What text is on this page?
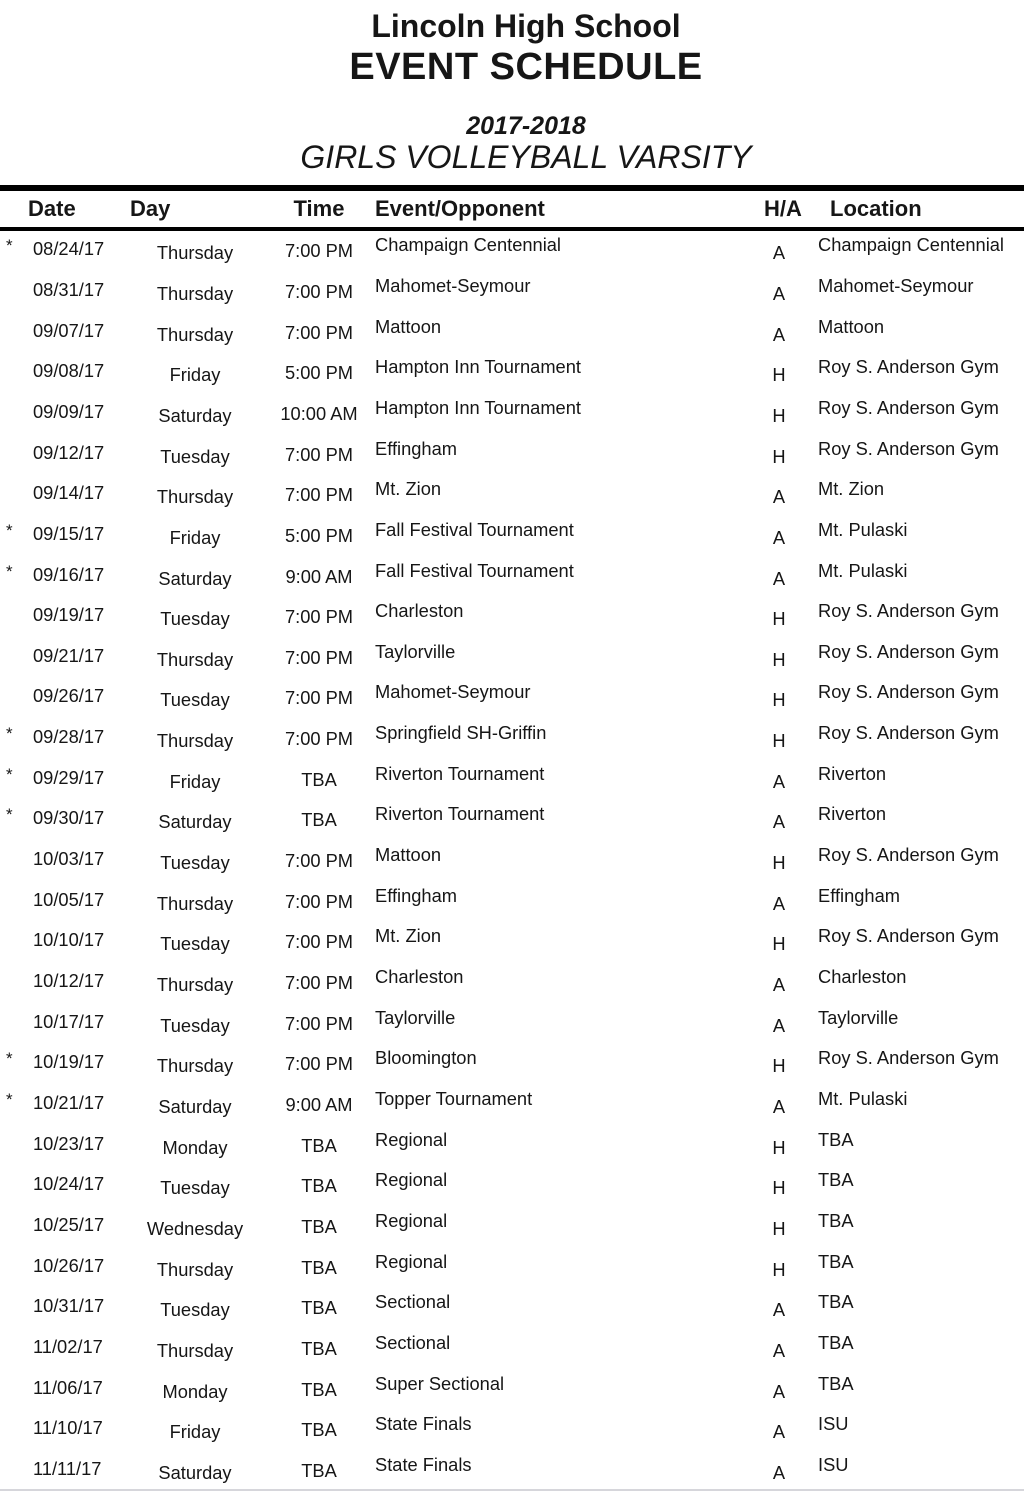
Lincoln High School
EVENT SCHEDULE
2017-2018
GIRLS VOLLEYBALL VARSITY
Date Day	Time	Event/Opponent	H/A	Location
*	08/24/17	Thursday	7:00 PM	Champaign Centennial	A	Champaign Centennial
08/31/17	Thursday	7:00 PM	Mahomet-Seymour	A	Mahomet-Seymour
09/07/17	Thursday	7:00 PM	Mattoon	A	Mattoon
09/08/17	Friday	5:00 PM	Hampton Inn Tournament	H	Roy S. Anderson Gym
09/09/17	Saturday	10:00 AM Hampton Inn Tournament	H	Roy S. Anderson Gym
09/12/17	Tuesday	7:00 PM	Effingham	H	Roy S. Anderson Gym
09/14/17	Thursday	7:00 PM	Mt. Zion	A	Mt. Zion
*	09/15/17	Friday	5:00 PM	Fall Festival Tournament	A	Mt. Pulaski
*	09/16/17	Saturday	9:00 AM	Fall Festival Tournament	A	Mt. Pulaski
09/19/17	Tuesday	7:00 PM	Charleston	H	Roy S. Anderson Gym
09/21/17	Thursday	7:00 PM	Taylorville	H	Roy S. Anderson Gym
09/26/17	Tuesday	7:00 PM	Mahomet-Seymour	H	Roy S. Anderson Gym
*	09/28/17	Thursday	7:00 PM	Springfield SH-Griffin	H	Roy S. Anderson Gym
*	09/29/17	Friday	TBA	Riverton Tournament	A	Riverton
*	09/30/17	Saturday	TBA	Riverton Tournament	A	Riverton
10/03/17	Tuesday	7:00 PM	Mattoon	H	Roy S. Anderson Gym
10/05/17	Thursday	7:00 PM	Effingham	A	Effingham
10/10/17	Tuesday	7:00 PM	Mt. Zion	H	Roy S. Anderson Gym
10/12/17	Thursday	7:00 PM	Charleston	A	Charleston
10/17/17	Tuesday	7:00 PM	Taylorville	A	Taylorville
*	10/19/17	Thursday	7:00 PM	Bloomington	H	Roy S. Anderson Gym
*	10/21/17	Saturday	9:00 AM	Topper Tournament	A	Mt. Pulaski
10/23/17	Monday	TBA	Regional	H	TBA
10/24/17	Tuesday	TBA	Regional	H	TBA
10/25/17	Wednesday	TBA	Regional	H	TBA
10/26/17	Thursday	TBA	Regional	H	TBA
10/31/17	Tuesday	TBA	Sectional	A	TBA
11/02/17	Thursday	TBA	Sectional	A	TBA
11/06/17	Monday	TBA	Super Sectional	A	TBA
11/10/17	Friday	TBA	State Finals	A	ISU
11/11/17	Saturday	TBA	State Finals	A	ISU
